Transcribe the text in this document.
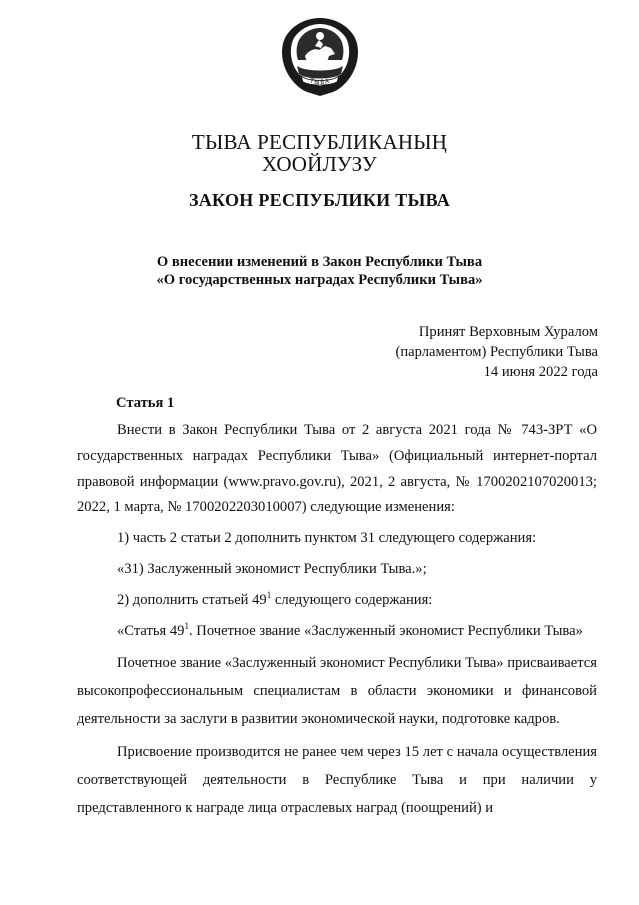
ТЫВА
ТЫВА РЕСПУБЛИКАНЫҢ
ХООЙЛУЗУ
ЗАКОН РЕСПУБЛИКИ ТЫВА
О внесении изменений в Закон Республики Тыва
«О государственных наградах Республики Тыва»
Принят Верховным Хуралом
(парламентом) Республики Тыва
14 июня 2022 года
Статья 1

Внести в Закон Республики Тыва от 2 августа 2021 года № 743-ЗРТ «О государственных наградах Республики Тыва» (Официальный интернет-портал правовой информации (www.pravo.gov.ru), 2021, 2 августа, № 1700202107020013; 2022, 1 марта, № 1700202203010007) следующие изменения:

1) часть 2 статьи 2 дополнить пунктом 31 следующего содержания:

«31) Заслуженный экономист Республики Тыва.»;

2) дополнить статьей $49^1$ следующего содержания:

«Статья $49^1$. Почетное звание «Заслуженный экономист Республики Тыва»

Почетное звание «Заслуженный экономист Республики Тыва» присваивается высокопрофессиональным специалистам в области экономики и финансовой деятельности за заслуги в развитии экономической науки, подготовке кадров.

Присвоение производится не ранее чем через 15 лет с начала осуществления соответствующей деятельности в Республике Тыва и при наличии у представленного к награде лица отраслевых наград (поощрений) и
